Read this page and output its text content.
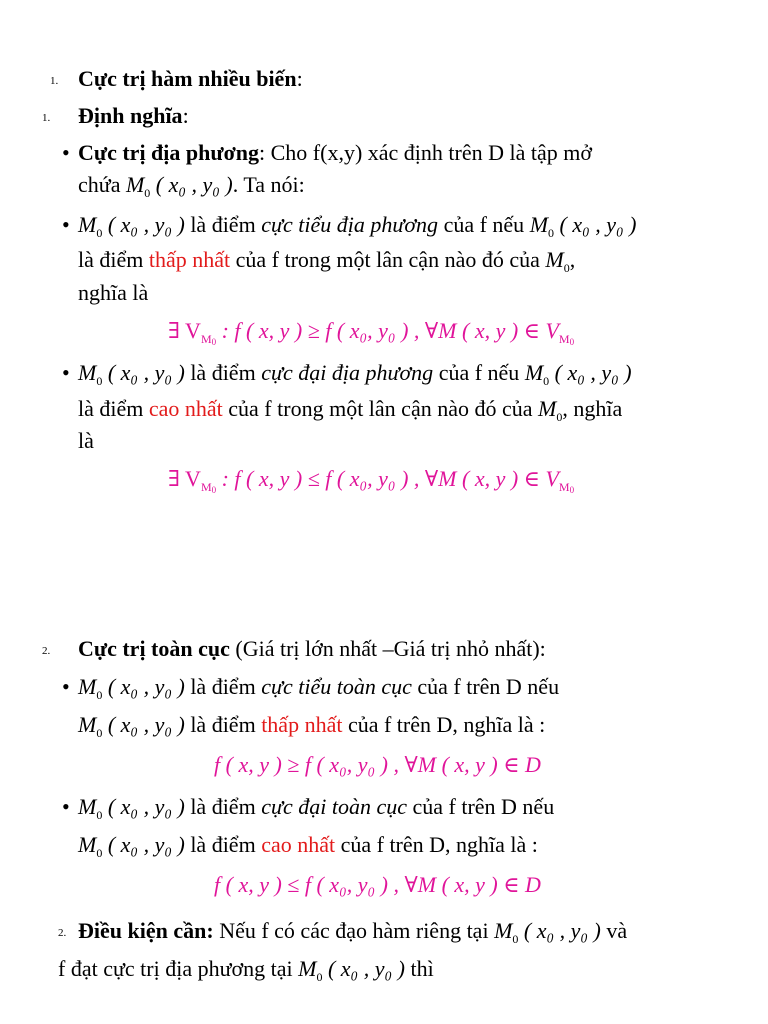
1. Cực trị hàm nhiều biến:
1. Định nghĩa:
• Cực trị địa phương: Cho f(x,y) xác định trên D là tập mở
chứa $M_0$ ( x₀ , y₀ ). Ta nói:
• $M_0$ ( x₀ , y₀ ) là điểm cực tiểu địa phương của f nếu $M_0$ ( x₀ , y₀ )
là điểm thấp nhất của f trong một lân cận nào đó của $M_0$,
nghĩa là
∃ $V_{M_0}$ : f ( x, y ) ≥ f ( x₀, y₀ ) , ∀M ( x, y ) ∈ $V_{M_0}$
• $M_0$ ( x₀ , y₀ ) là điểm cực đại địa phương của f nếu $M_0$ ( x₀ , y₀ )
là điểm cao nhất của f trong một lân cận nào đó của $M_0$, nghĩa
là
∃ $V_{M_0}$ : f ( x, y ) ≤ f ( x₀, y₀ ) , ∀M ( x, y ) ∈ $V_{M_0}$
2. Cực trị toàn cục (Giá trị lớn nhất –Giá trị nhỏ nhất):
• $M_0$ ( x₀ , y₀ ) là điểm cực tiểu toàn cục của f trên D nếu
$M_0$ ( x₀ , y₀ ) là điểm thấp nhất của f trên D, nghĩa là :
f ( x, y ) ≥ f ( x₀, y₀ ) , ∀M ( x, y ) ∈ D
• $M_0$ ( x₀ , y₀ ) là điểm cực đại toàn cục của f trên D nếu
$M_0$ ( x₀ , y₀ ) là điểm cao nhất của f trên D, nghĩa là :
f ( x, y ) ≤ f ( x₀, y₀ ) , ∀M ( x, y ) ∈ D
2. Điều kiện cần: Nếu f có các đạo hàm riêng tại $M_0$ ( x₀ , y₀ ) và
f đạt cực trị địa phương tại $M_0$ ( x₀ , y₀ ) thì
